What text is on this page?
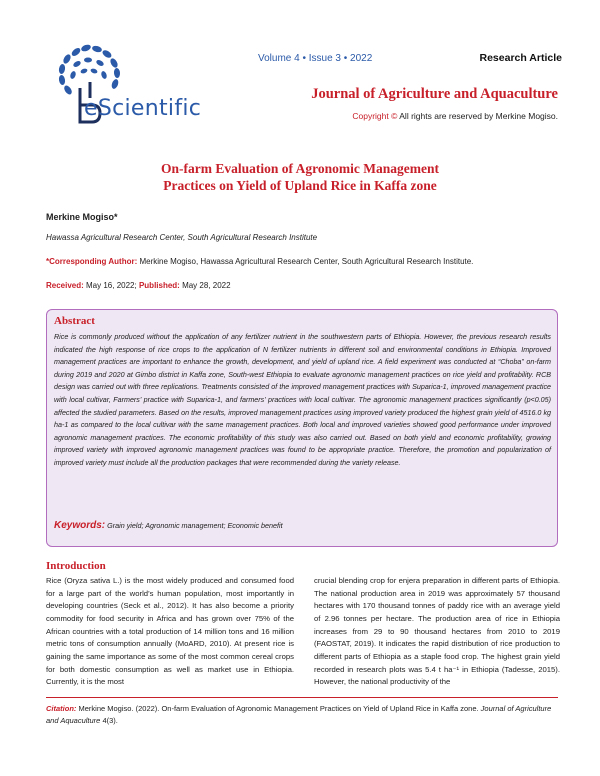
eScientific
Volume 4 • Issue 3 • 2022	Research Article
Journal of Agriculture and Aquaculture
Copyright © All rights are reserved by Merkine Mogiso.
On-farm Evaluation of Agronomic Management
Practices on Yield of Upland Rice in Kaffa zone
Merkine Mogiso*
Hawassa Agricultural Research Center, South Agricultural Research Institute
*Corresponding Author: Merkine Mogiso, Hawassa Agricultural Research Center, South Agricultural Research Institute.
Received: May 16, 2022; Published: May 28, 2022
Abstract
Rice is commonly produced without the application of any fertilizer nutrient in the southwestern parts of Ethiopia. However, the previous research results indicated the high response of rice crops to the application of N fertilizer nutrients in different soil and environmental conditions in Ethiopia. Improved management practices are important to enhance the growth, development, and yield of upland rice. A field experiment was conducted at “Choba” on-farm during 2019 and 2020 at Gimbo district in Kaffa zone, South-west Ethiopia to evaluate agronomic management practices on rice yield and profitability. RCB design was carried out with three replications. Treatments consisted of the improved management practices with Suparica-1, improved management practice with local cultivar, Farmers’ practice with Suparica-1, and farmers’ practices with local cultivar. The agronomic management practices significantly (p<0.05) affected the studied parameters. Based on the results, improved management practices using improved variety produced the highest grain yield of 4516.0 kg ha-1 as compared to the local cultivar with the same management practices. Both local and improved varieties showed good performance under improved agronomic management practices. The economic profitability of this study was also carried out. Based on both yield and economic profitability, growing improved variety with improved agronomic management practices was found to be appropriate practice. Therefore, the promotion and popularization of improved variety must include all the production packages that were recommended during the variety release.
Keywords: Grain yield; Agronomic management; Economic benefit
Introduction
Rice (Oryza sativa L.) is the most widely produced and consumed food for a large part of the world’s human population, most importantly in developing countries (Seck et al., 2012). It has also become a priority commodity for food security in Africa and has grown over 75% of the African countries with a total production of 14 million tons and 16 million metric tons of consumption annually (MoARD, 2010). At present rice is gaining the same importance as some of the most common cereal crops for both domestic consumption as well as market use in Ethiopia. Currently, it is the most
crucial blending crop for enjera preparation in different parts of Ethiopia. The national production area in 2019 was approximately 57 thousand hectares with 170 thousand tonnes of paddy rice with an average yield of 2.96 tonnes per hectare. The production area of rice in Ethiopia increases from 29 to 90 thousand hectares from 2010 to 2019 (FAOSTAT, 2019). It indicates the rapid distribution of rice production to different parts of Ethiopia as a staple food crop. The highest grain yield recorded in research plots was 5.4 t ha⁻¹ in Ethiopia (Tadesse, 2015). However, the national productivity of the
Citation: Merkine Mogiso. (2022). On-farm Evaluation of Agronomic Management Practices on Yield of Upland Rice in Kaffa zone. Journal of Agriculture and Aquaculture 4(3).
